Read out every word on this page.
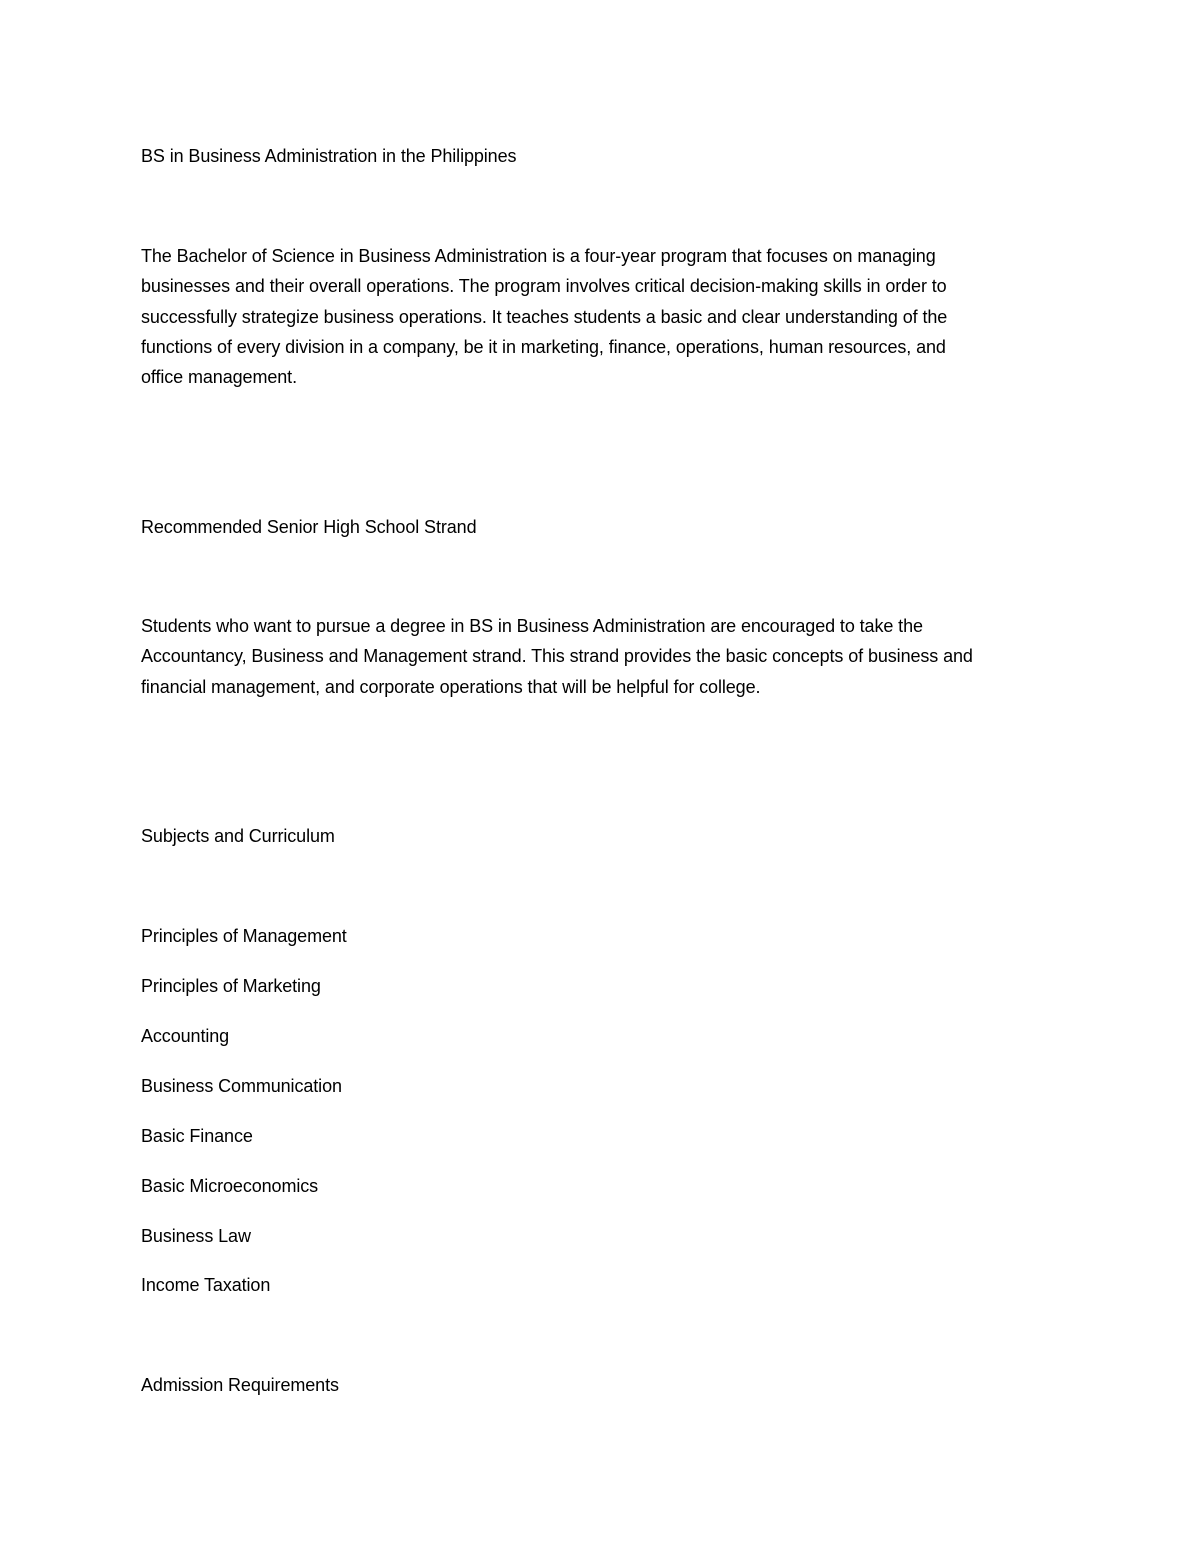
BS in Business Administration in the Philippines

The Bachelor of Science in Business Administration is a four-year program that focuses on managing
businesses and their overall operations. The program involves critical decision-making skills in order to
successfully strategize business operations. It teaches students a basic and clear understanding of the
functions of every division in a company, be it in marketing, finance, operations, human resources, and
office management.

Recommended Senior High School Strand

Students who want to pursue a degree in BS in Business Administration are encouraged to take the
Accountancy, Business and Management strand. This strand provides the basic concepts of business and
financial management, and corporate operations that will be helpful for college.

Subjects and Curriculum

Principles of Management

Principles of Marketing

Accounting

Business Communication

Basic Finance

Basic Microeconomics

Business Law

Income Taxation

Admission Requirements
